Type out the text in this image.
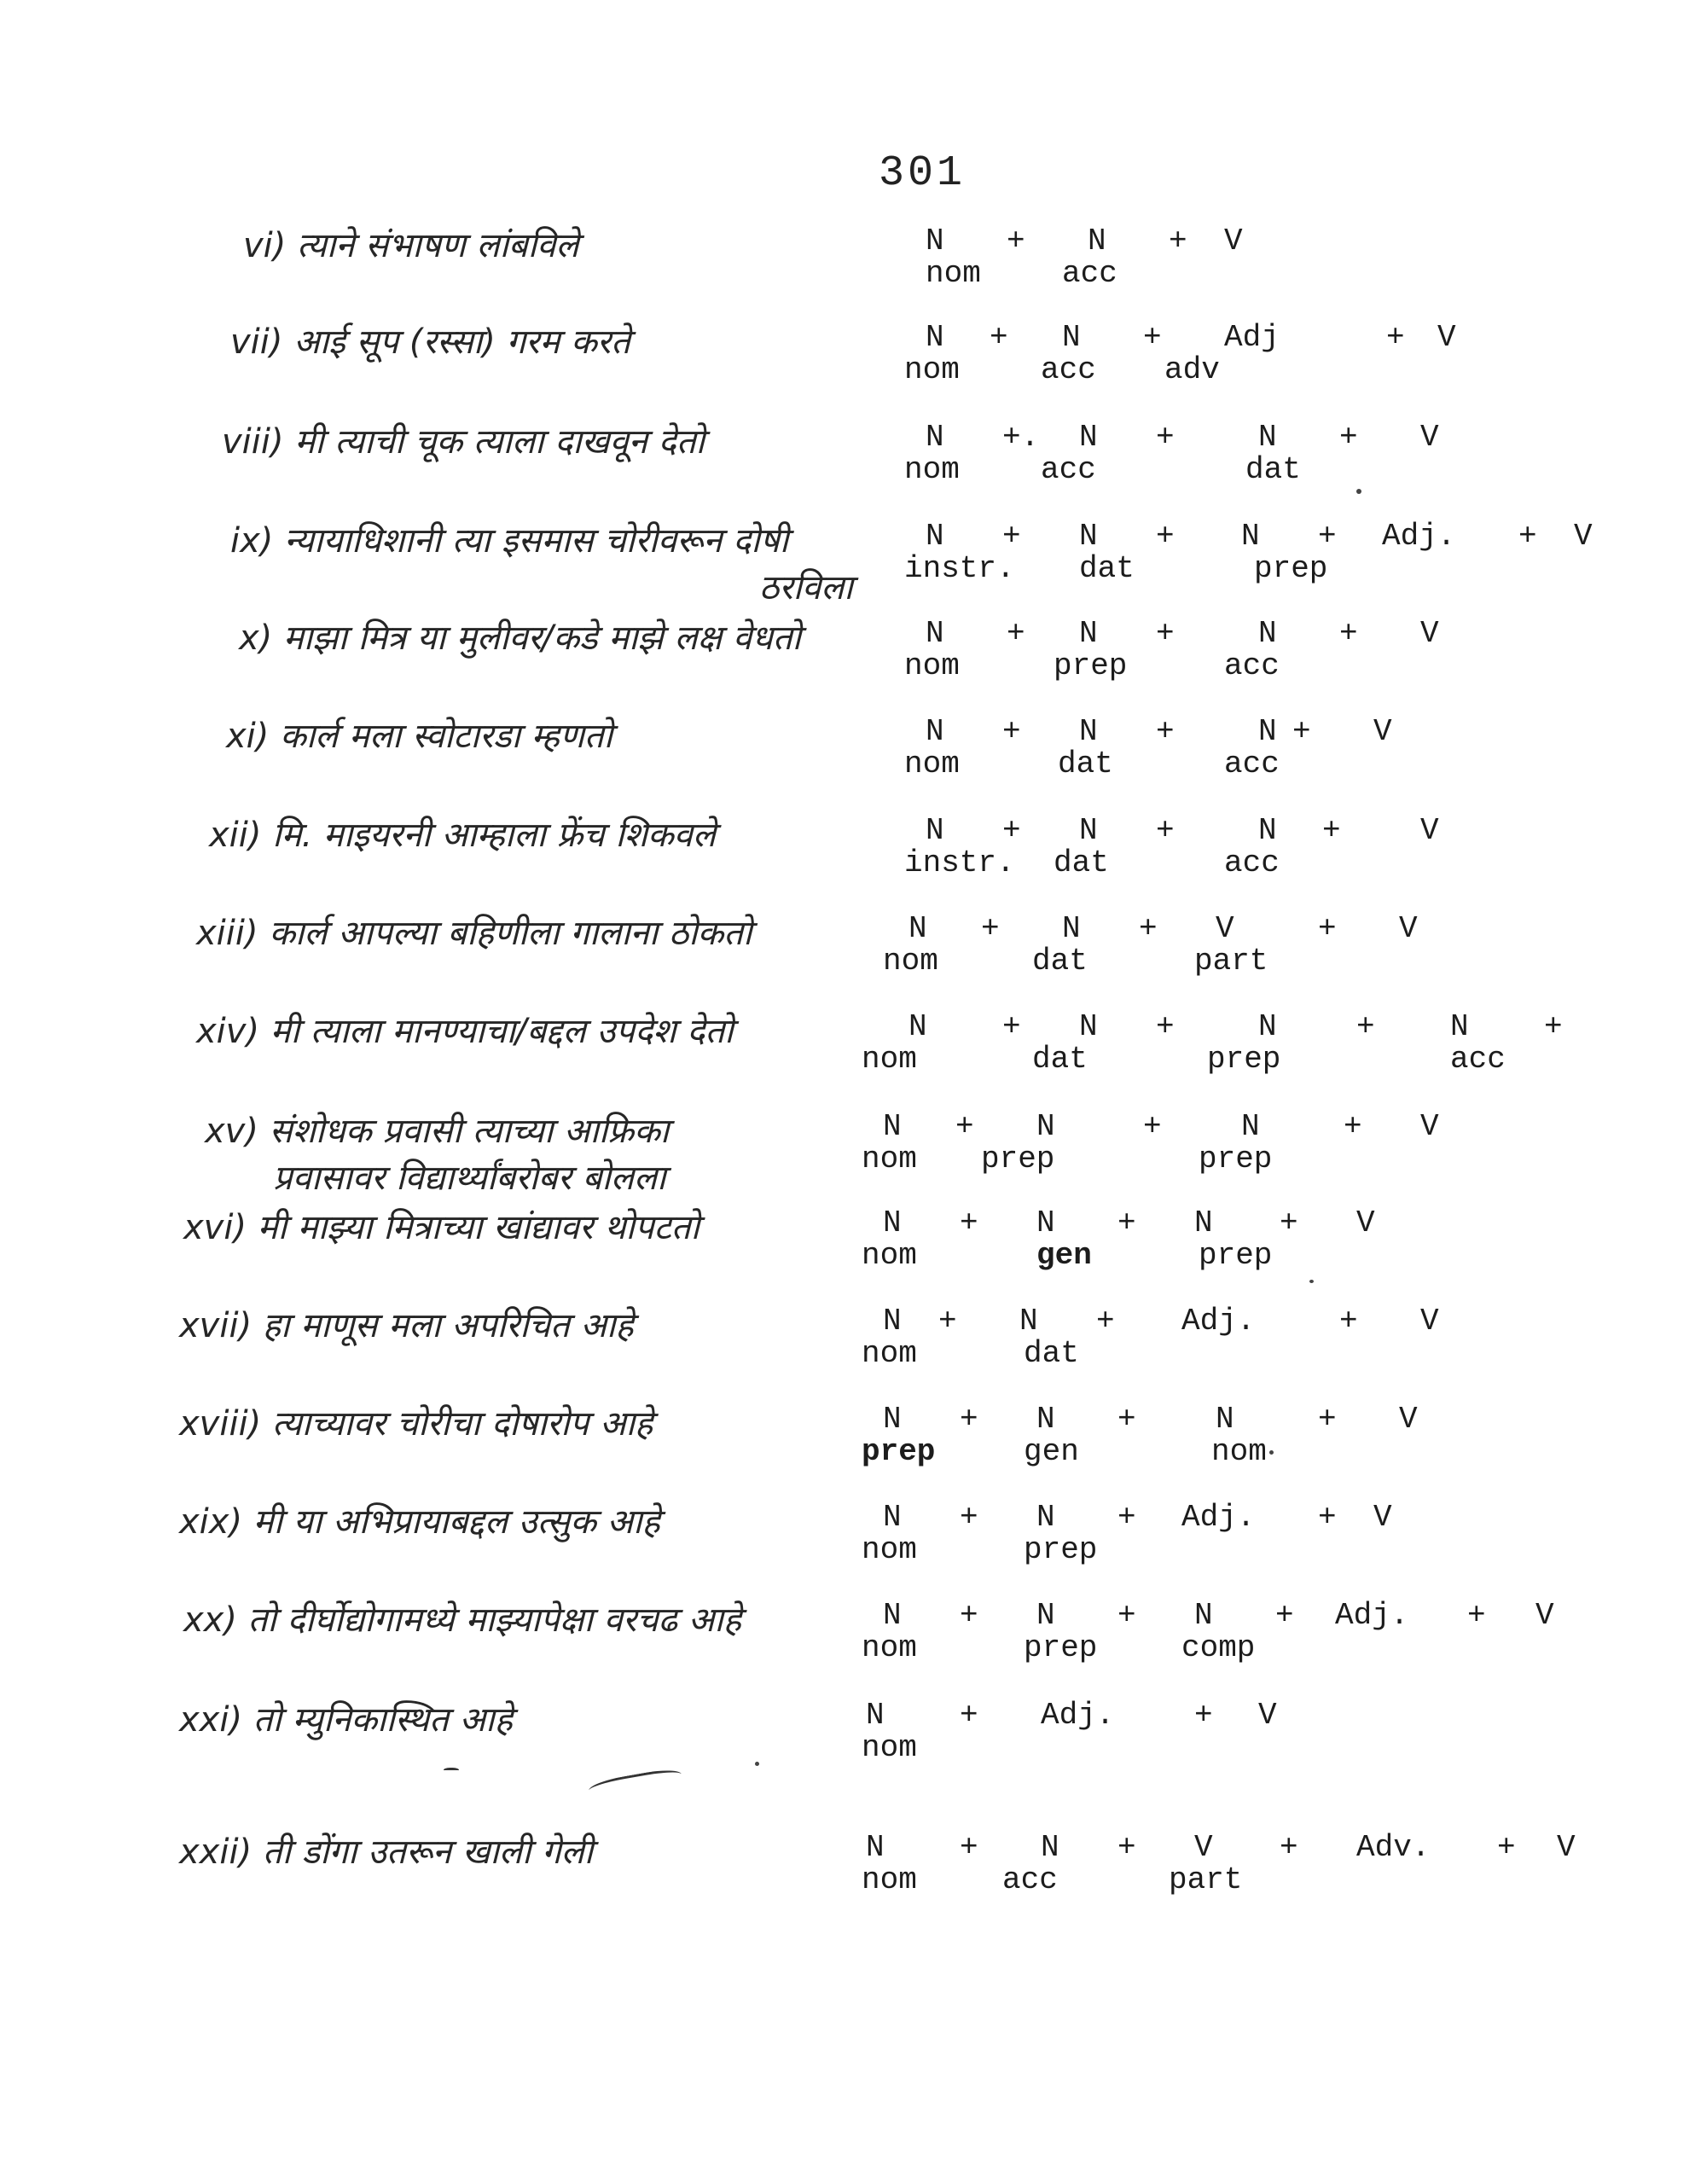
301
vi) त्याने संभाषण लांबविले	N + N + V
nom	acc
vii) आई सूप (रस्सा) गरम करते	N + N + Adj	+ V
nom	acc adv
viii) मी त्याची चूक त्याला दाखवून देतो	N +. N +	N + V
nom	acc	dat
ix) न्यायाधिशानी त्या इसमास चोरीवरून दोषी
ठरविला
N + N + N + Adj. + V
instr. dat	prep
x) माझा मित्र या मुलीवर/कडे माझे लक्ष वेधतो	N + N +	N + V
nom	prep	acc
xi) कार्ल मला स्वोटारडा म्हणतो	N + N +	N + V
nom	dat	acc
xii) मि. माइयरनी आम्हाला फ्रेंच शिकवले	N + N +	N +	V
instr. dat	acc
xiii) कार्ल आपल्या बहिणीला गालाना ठोकतो	N + N + V	+ V
nom	dat	part
xiv) मी त्याला मानण्याचा/बद्दल उपदेश देतो	N + N +	N	+ N +
nom	dat	prep	acc
xv) संशोधक प्रवासी त्याच्या आफ्रिका
प्रवासावर विद्यार्थ्यांबरोबर बोलला
N + N	+	N	+ V
nom prep	prep
xvi) मी माझ्या मित्राच्या खांद्यावर थोपटतो	N + N + N + V
nom	gen	prep
xvii) हा माणूस मला अपरिचित आहे	N + N + Adj.	+ V
nom	dat
xviii) त्याच्यावर चोरीचा दोषारोप आहे	N + N +	N	+ V
prep	gen	nom
xix) मी या अभिप्रायाबद्दल उत्सुक आहे	N + N + Adj. + V
nom	prep
xx) तो दीर्घोद्योगामध्ये माझ्यापेक्षा वरचढ आहे	N + N + N + Adj. + V
nom	prep	comp
xxi) तो म्युनिकास्थित आहे	N + Adj.	+ V
nom
xxii) ती डोंगा उतरून खाली गेली	N + N + V + Adv. + V
nom	acc	part
